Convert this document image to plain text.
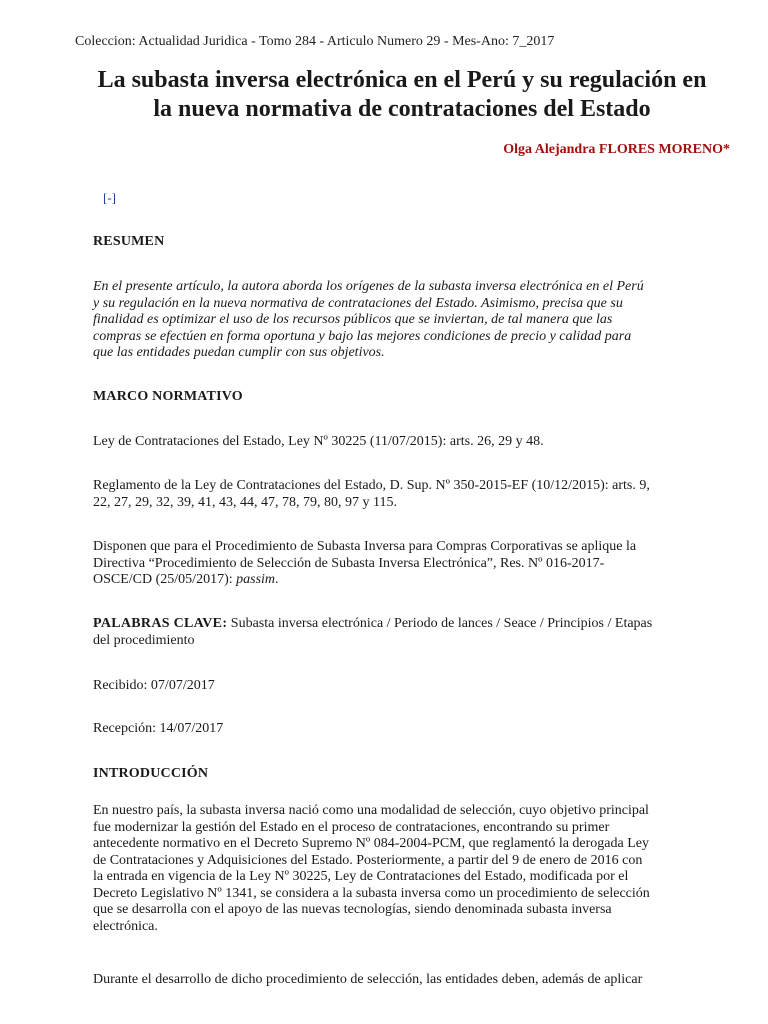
Coleccion: Actualidad Juridica - Tomo 284 - Articulo Numero 29 - Mes-Ano: 7_2017
La subasta inversa electrónica en el Perú y su regulación en
la nueva normativa de contrataciones del Estado
Olga Alejandra FLORES MORENO*
[-]
RESUMEN
En el presente artículo, la autora aborda los orígenes de la subasta inversa electrónica en el Perú
y su regulación en la nueva normativa de contrataciones del Estado. Asimismo, precisa que su
finalidad es optimizar el uso de los recursos públicos que se inviertan, de tal manera que las
compras se efectúen en forma oportuna y bajo las mejores condiciones de precio y calidad para
que las entidades puedan cumplir con sus objetivos.
MARCO NORMATIVO
Ley de Contrataciones del Estado, Ley Nº 30225 (11/07/2015): arts. 26, 29 y 48.
Reglamento de la Ley de Contrataciones del Estado, D. Sup. Nº 350-2015-EF (10/12/2015): arts. 9,
22, 27, 29, 32, 39, 41, 43, 44, 47, 78, 79, 80, 97 y 115.
Disponen que para el Procedimiento de Subasta Inversa para Compras Corporativas se aplique la
Directiva “Procedimiento de Selección de Subasta Inversa Electrónica”, Res. Nº 016-2017-
OSCE/CD (25/05/2017): passim.
PALABRAS CLAVE: Subasta inversa electrónica / Periodo de lances / Seace / Principios / Etapas
del procedimiento
Recibido: 07/07/2017
Recepción: 14/07/2017
INTRODUCCIÓN
En nuestro país, la subasta inversa nació como una modalidad de selección, cuyo objetivo principal
fue modernizar la gestión del Estado en el proceso de contrataciones, encontrando su primer
antecedente normativo en el Decreto Supremo Nº 084-2004-PCM, que reglamentó la derogada Ley
de Contrataciones y Adquisiciones del Estado. Posteriormente, a partir del 9 de enero de 2016 con
la entrada en vigencia de la Ley Nº 30225, Ley de Contrataciones del Estado, modificada por el
Decreto Legislativo Nº 1341, se considera a la subasta inversa como un procedimiento de selección
que se desarrolla con el apoyo de las nuevas tecnologías, siendo denominada subasta inversa
electrónica.
Durante el desarrollo de dicho procedimiento de selección, las entidades deben, además de aplicar
